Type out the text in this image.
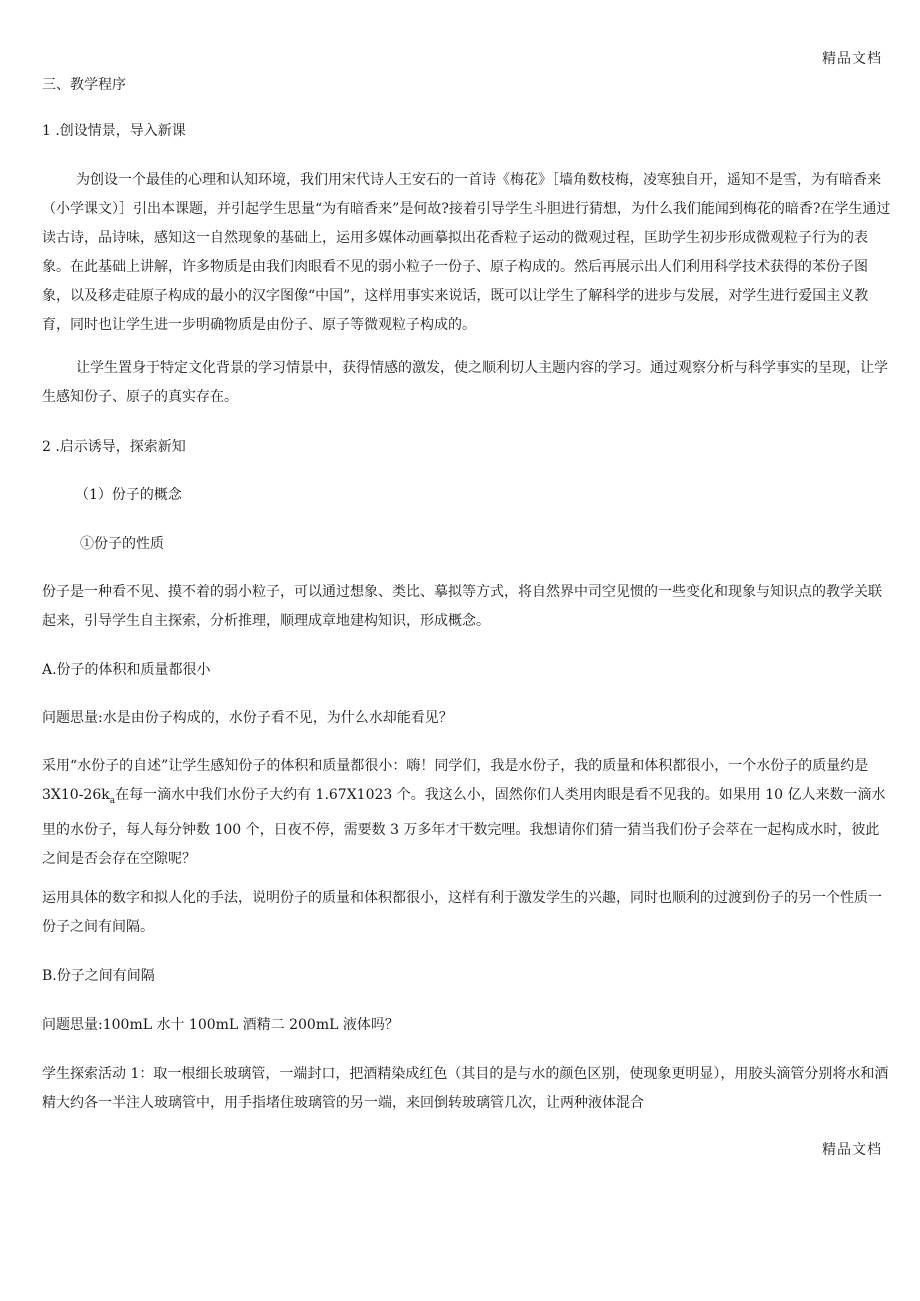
精品文档

三、教学程序

1 .创设情景，导入新课

为创设一个最佳的心理和认知环境，我们用宋代诗人王安石的一首诗《梅花》［墙角数枝梅，凌寒独自开，遥知不是雪，为有暗香来（小学课文）］引出本课题，并引起学生思量“为有暗香来”是何故?接着引导学生斗胆进行猜想，为什么我们能闻到梅花的暗香?在学生通过读古诗，品诗味，感知这一自然现象的基础上，运用多媒体动画摹拟出花香粒子运动的微观过程，匡助学生初步形成微观粒子行为的表象。在此基础上讲解，许多物质是由我们肉眼看不见的弱小粒子一份子、原子构成的。然后再展示出人们利用科学技术获得的苯份子图象，以及移走硅原子构成的最小的汉字图像“中国”，这样用事实来说话，既可以让学生了解科学的进步与发展，对学生进行爱国主义教育，同时也让学生进一步明确物质是由份子、原子等微观粒子构成的。

让学生置身于特定文化背景的学习情景中，获得情感的激发，使之顺利切人主题内容的学习。通过观察分析与科学事实的呈现，让学生感知份子、原子的真实存在。

2 .启示诱导，探索新知

（1）份子的概念

①份子的性质

份子是一种看不见、摸不着的弱小粒子，可以通过想象、类比、摹拟等方式，将自然界中司空见惯的一些变化和现象与知识点的教学关联起来，引导学生自主探索，分析推理，顺理成章地建构知识，形成概念。

A.份子的体积和质量都很小

问题思量:水是由份子构成的，水份子看不见，为什么水却能看见？

采用“水份子的自述”让学生感知份子的体积和质量都很小：嗨！同学们，我是水份子，我的质量和体积都很小，一个水份子的质量约是 $3X10-26k_a$在每一滴水中我们水份子大约有 1.67X1023 个。我这么小，固然你们人类用肉眼是看不见我的。如果用 10 亿人来数一滴水里的水份子，每人每分钟数 100 个，日夜不停，需要数 3 万多年才干数完哩。我想请你们猜一猜当我们份子会萃在一起构成水时，彼此之间是否会存在空隙呢？

运用具体的数字和拟人化的手法，说明份子的质量和体积都很小，这样有利于激发学生的兴趣，同时也顺利的过渡到份子的另一个性质一份子之间有间隔。

B.份子之间有间隔

问题思量:100mL 水十 100mL 酒精二 200mL 液体吗？

学生探索活动 1：取一根细长玻璃管，一端封口，把酒精染成红色（其目的是与水的颜色区别，使现象更明显），用胶头滴管分别将水和酒精大约各一半注人玻璃管中，用手指堵住玻璃管的另一端，来回倒转玻璃管几次，让两种液体混合

精品文档
